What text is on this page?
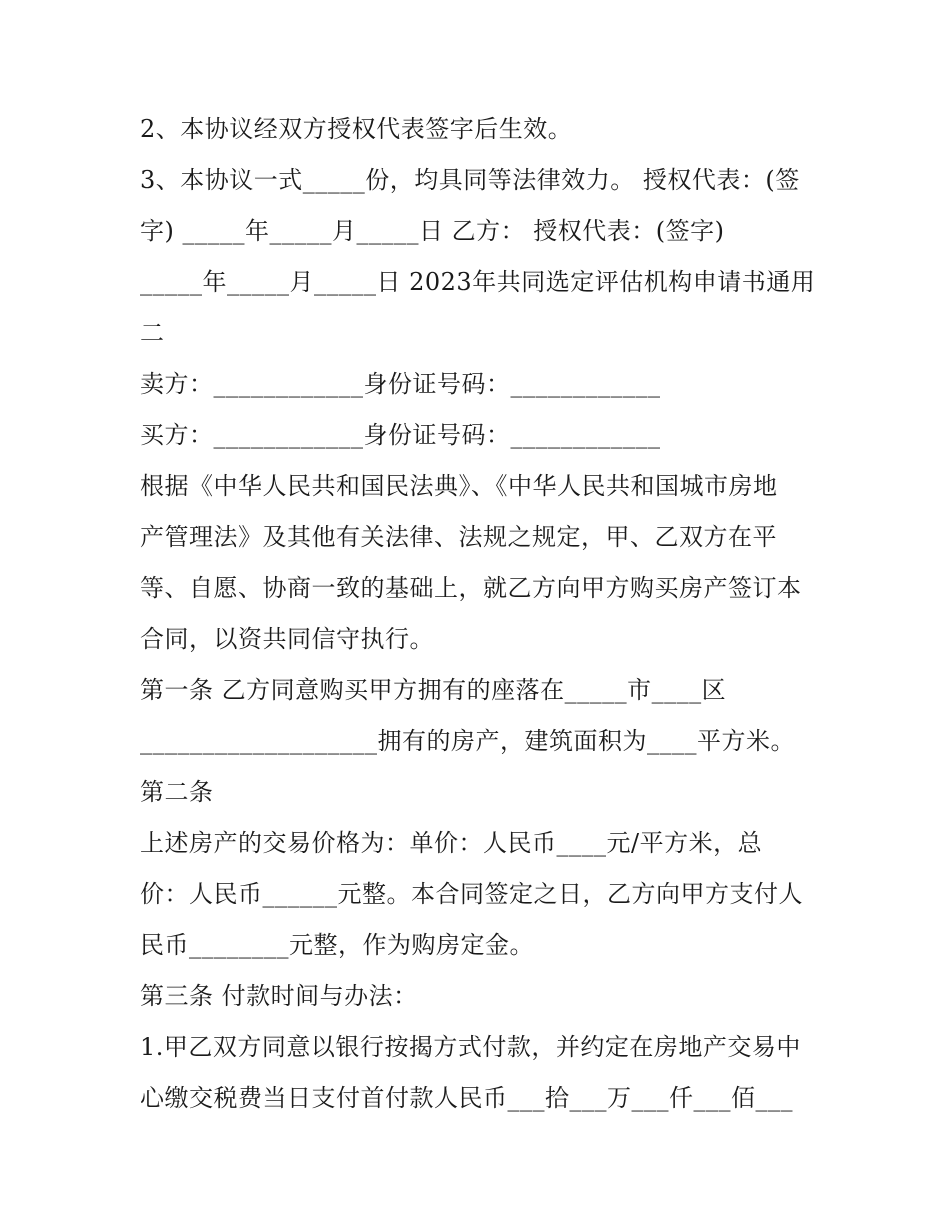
2、本协议经双方授权代表签字后生效。
3、本协议一式_____份，均具同等法律效力。 授权代表：(签
字) _____年_____月_____日 乙方： 授权代表：(签字)
_____年_____月_____日 2023年共同选定评估机构申请书通用
二
卖方：____________身份证号码：____________
买方：____________身份证号码：____________
根据《中华人民共和国民法典》、《中华人民共和国城市房地
产管理法》及其他有关法律、法规之规定，甲、乙双方在平
等、自愿、协商一致的基础上，就乙方向甲方购买房产签订本
合同，以资共同信守执行。
第一条 乙方同意购买甲方拥有的座落在_____市____区
___________________拥有的房产，建筑面积为____平方米。
第二条
上述房产的交易价格为：单价：人民币____元/平方米，总
价：人民币______元整。本合同签定之日，乙方向甲方支付人
民币________元整，作为购房定金。
第三条 付款时间与办法：
1.甲乙双方同意以银行按揭方式付款，并约定在房地产交易中
心缴交税费当日支付首付款人民币___拾___万___仟___佰___
